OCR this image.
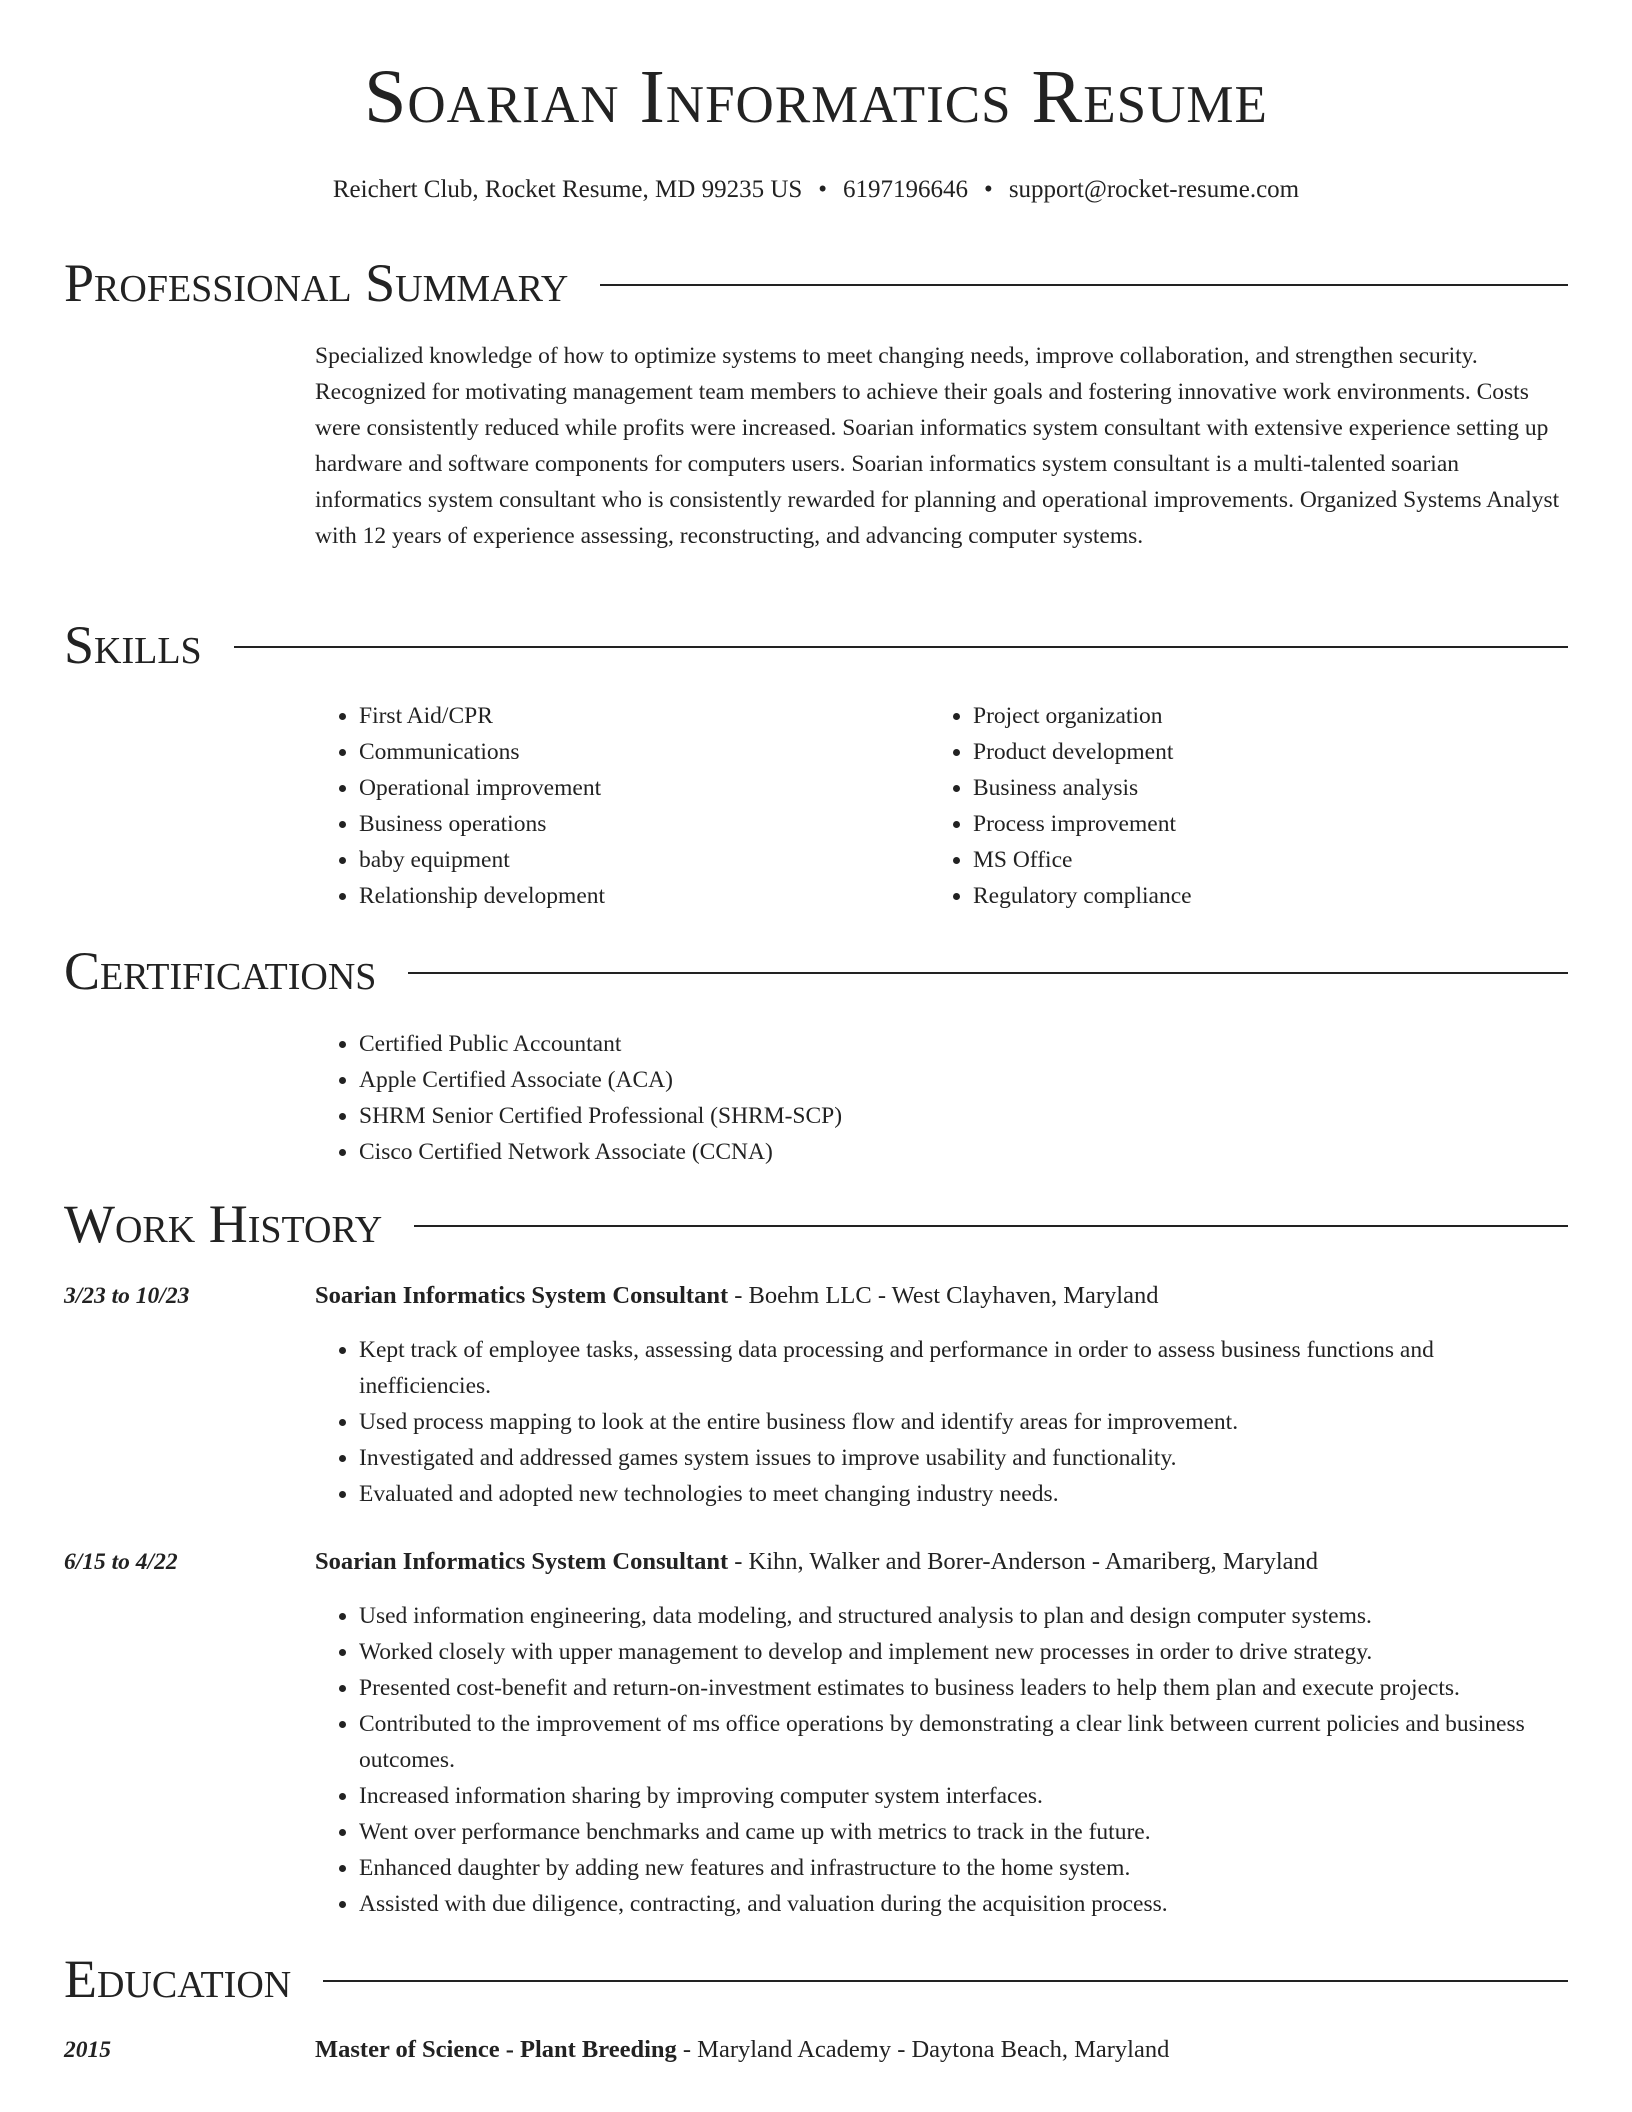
Soarian Informatics Resume
Reichert Club, Rocket Resume, MD 99235 US • 6197196646 • support@rocket-resume.com
Professional Summary

Specialized knowledge of how to optimize systems to meet changing needs, improve collaboration, and strengthen security. Recognized for motivating management team members to achieve their goals and fostering innovative work environments. Costs were consistently reduced while profits were increased. Soarian informatics system consultant with extensive experience setting up hardware and software components for computers users. Soarian informatics system consultant is a multi-talented soarian informatics system consultant who is consistently rewarded for planning and operational improvements. Organized Systems Analyst with 12 years of experience assessing, reconstructing, and advancing computer systems.

Skills
• First Aid/CPR
• Communications
• Operational improvement
• Business operations
• baby equipment
• Relationship development
• Project organization
• Product development
• Business analysis
• Process improvement
• MS Office
• Regulatory compliance
Certifications
• Certified Public Accountant
• Apple Certified Associate (ACA)
• SHRM Senior Certified Professional (SHRM-SCP)
• Cisco Certified Network Associate (CCNA)
Work History
3/23 to 10/23	Soarian Informatics System Consultant - Boehm LLC - West Clayhaven, Maryland
• Kept track of employee tasks, assessing data processing and performance in order to assess business functions and inefficiencies.
• Used process mapping to look at the entire business flow and identify areas for improvement.
• Investigated and addressed games system issues to improve usability and functionality.
• Evaluated and adopted new technologies to meet changing industry needs.
6/15 to 4/22	Soarian Informatics System Consultant - Kihn, Walker and Borer-Anderson - Amariberg, Maryland
• Used information engineering, data modeling, and structured analysis to plan and design computer systems.
• Worked closely with upper management to develop and implement new processes in order to drive strategy.
• Presented cost-benefit and return-on-investment estimates to business leaders to help them plan and execute projects.
• Contributed to the improvement of ms office operations by demonstrating a clear link between current policies and business outcomes.
• Increased information sharing by improving computer system interfaces.
• Went over performance benchmarks and came up with metrics to track in the future.
• Enhanced daughter by adding new features and infrastructure to the home system.
• Assisted with due diligence, contracting, and valuation during the acquisition process.
Education
2015	Master of Science - Plant Breeding - Maryland Academy - Daytona Beach, Maryland
